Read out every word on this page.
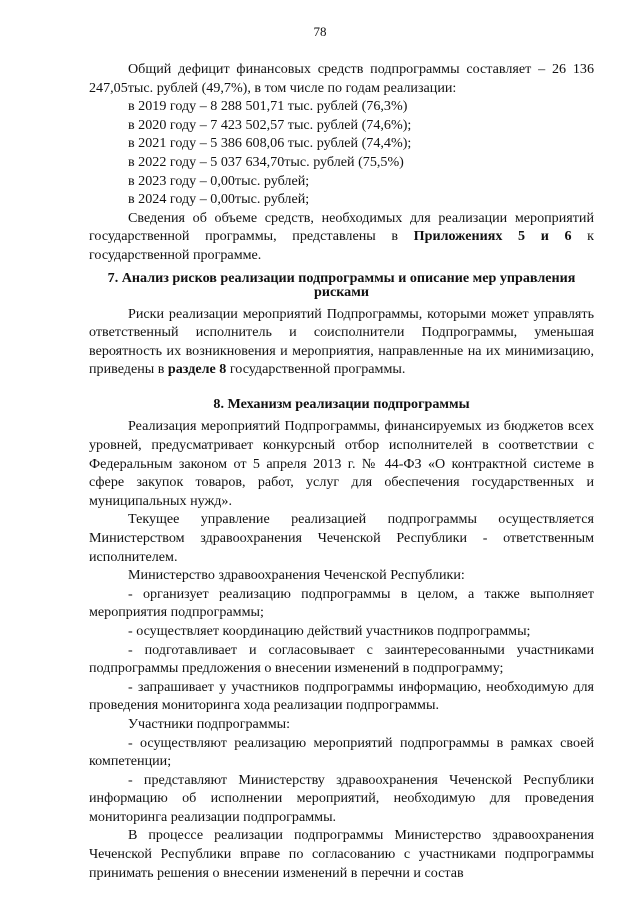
78

Общий дефицит финансовых средств подпрограммы составляет – 26 136 247,05тыс. рублей (49,7%), в том числе по годам реализации:

в 2019 году – 8 288 501,71 тыс. рублей (76,3%)

в 2020 году – 7 423 502,57 тыс. рублей (74,6%);

в 2021 году – 5 386 608,06 тыс. рублей (74,4%);

в 2022 году – 5 037 634,70тыс. рублей (75,5%)

в 2023 году – 0,00тыс. рублей;

в 2024 году – 0,00тыс. рублей;

Сведения об объеме средств, необходимых для реализации мероприятий государственной программы, представлены в Приложениях 5 и 6 к государственной программе.

7. Анализ рисков реализации подпрограммы и описание мер управления рисками

Риски реализации мероприятий Подпрограммы, которыми может управлять ответственный исполнитель и соисполнители Подпрограммы, уменьшая вероятность их возникновения и мероприятия, направленные на их минимизацию, приведены в разделе 8 государственной программы.

8. Механизм реализации подпрограммы

Реализация мероприятий Подпрограммы, финансируемых из бюджетов всех уровней, предусматривает конкурсный отбор исполнителей в соответствии с Федеральным законом от 5 апреля 2013 г. № 44-ФЗ «О контрактной системе в сфере закупок товаров, работ, услуг для обеспечения государственных и муниципальных нужд».

Текущее управление реализацией подпрограммы осуществляется Министерством здравоохранения Чеченской Республики - ответственным исполнителем.

Министерство здравоохранения Чеченской Республики:

- организует реализацию подпрограммы в целом, а также выполняет мероприятия подпрограммы;

- осуществляет координацию действий участников подпрограммы;

- подготавливает и согласовывает с заинтересованными участниками подпрограммы предложения о внесении изменений в подпрограмму;

- запрашивает у участников подпрограммы информацию, необходимую для проведения мониторинга хода реализации подпрограммы.

Участники подпрограммы:

- осуществляют реализацию мероприятий подпрограммы в рамках своей компетенции;

- представляют Министерству здравоохранения Чеченской Республики информацию об исполнении мероприятий, необходимую для проведения мониторинга реализации подпрограммы.

В процессе реализации подпрограммы Министерство здравоохранения Чеченской Республики вправе по согласованию с участниками подпрограммы принимать решения о внесении изменений в перечни и состав
